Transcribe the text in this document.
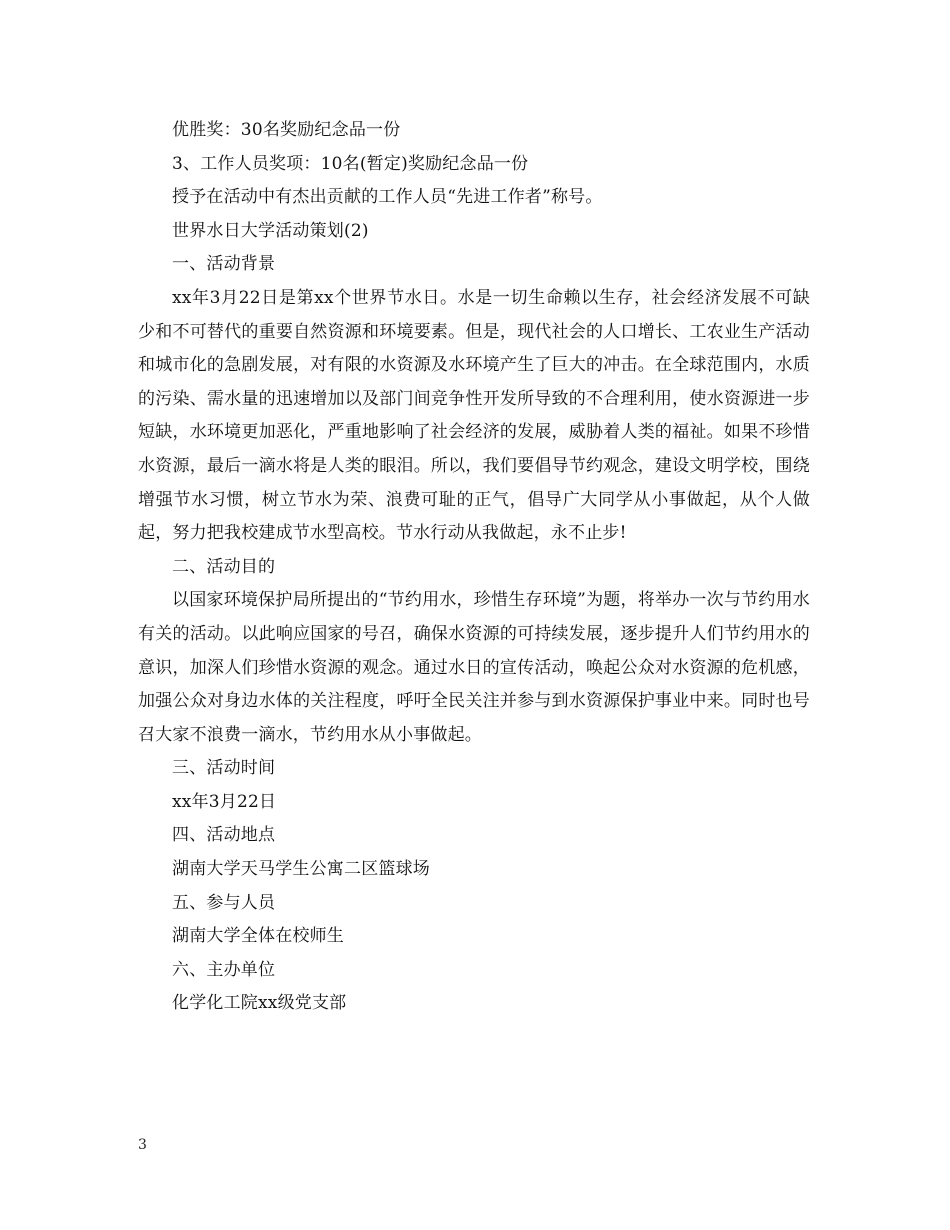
优胜奖：30名奖励纪念品一份

3、工作人员奖项：10名(暂定)奖励纪念品一份

授予在活动中有杰出贡献的工作人员“先进工作者”称号。

世界水日大学活动策划(2)

一、活动背景

xx年3月22日是第xx个世界节水日。水是一切生命赖以生存，社会经济发展不可缺少和不可替代的重要自然资源和环境要素。但是，现代社会的人口增长、工农业生产活动和城市化的急剧发展，对有限的水资源及水环境产生了巨大的冲击。在全球范围内，水质的污染、需水量的迅速增加以及部门间竞争性开发所导致的不合理利用，使水资源进一步短缺，水环境更加恶化，严重地影响了社会经济的发展，威胁着人类的福祉。如果不珍惜水资源，最后一滴水将是人类的眼泪。所以，我们要倡导节约观念，建设文明学校，围绕增强节水习惯，树立节水为荣、浪费可耻的正气，倡导广大同学从小事做起，从个人做起，努力把我校建成节水型高校。节水行动从我做起，永不止步!

二、活动目的

以国家环境保护局所提出的“节约用水，珍惜生存环境”为题，将举办一次与节约用水有关的活动。以此响应国家的号召，确保水资源的可持续发展，逐步提升人们节约用水的意识，加深人们珍惜水资源的观念。通过水日的宣传活动，唤起公众对水资源的危机感，加强公众对身边水体的关注程度，呼吁全民关注并参与到水资源保护事业中来。同时也号召大家不浪费一滴水，节约用水从小事做起。

三、活动时间

xx年3月22日

四、活动地点

湖南大学天马学生公寓二区篮球场

五、参与人员

湖南大学全体在校师生

六、主办单位

化学化工院xx级党支部

3
